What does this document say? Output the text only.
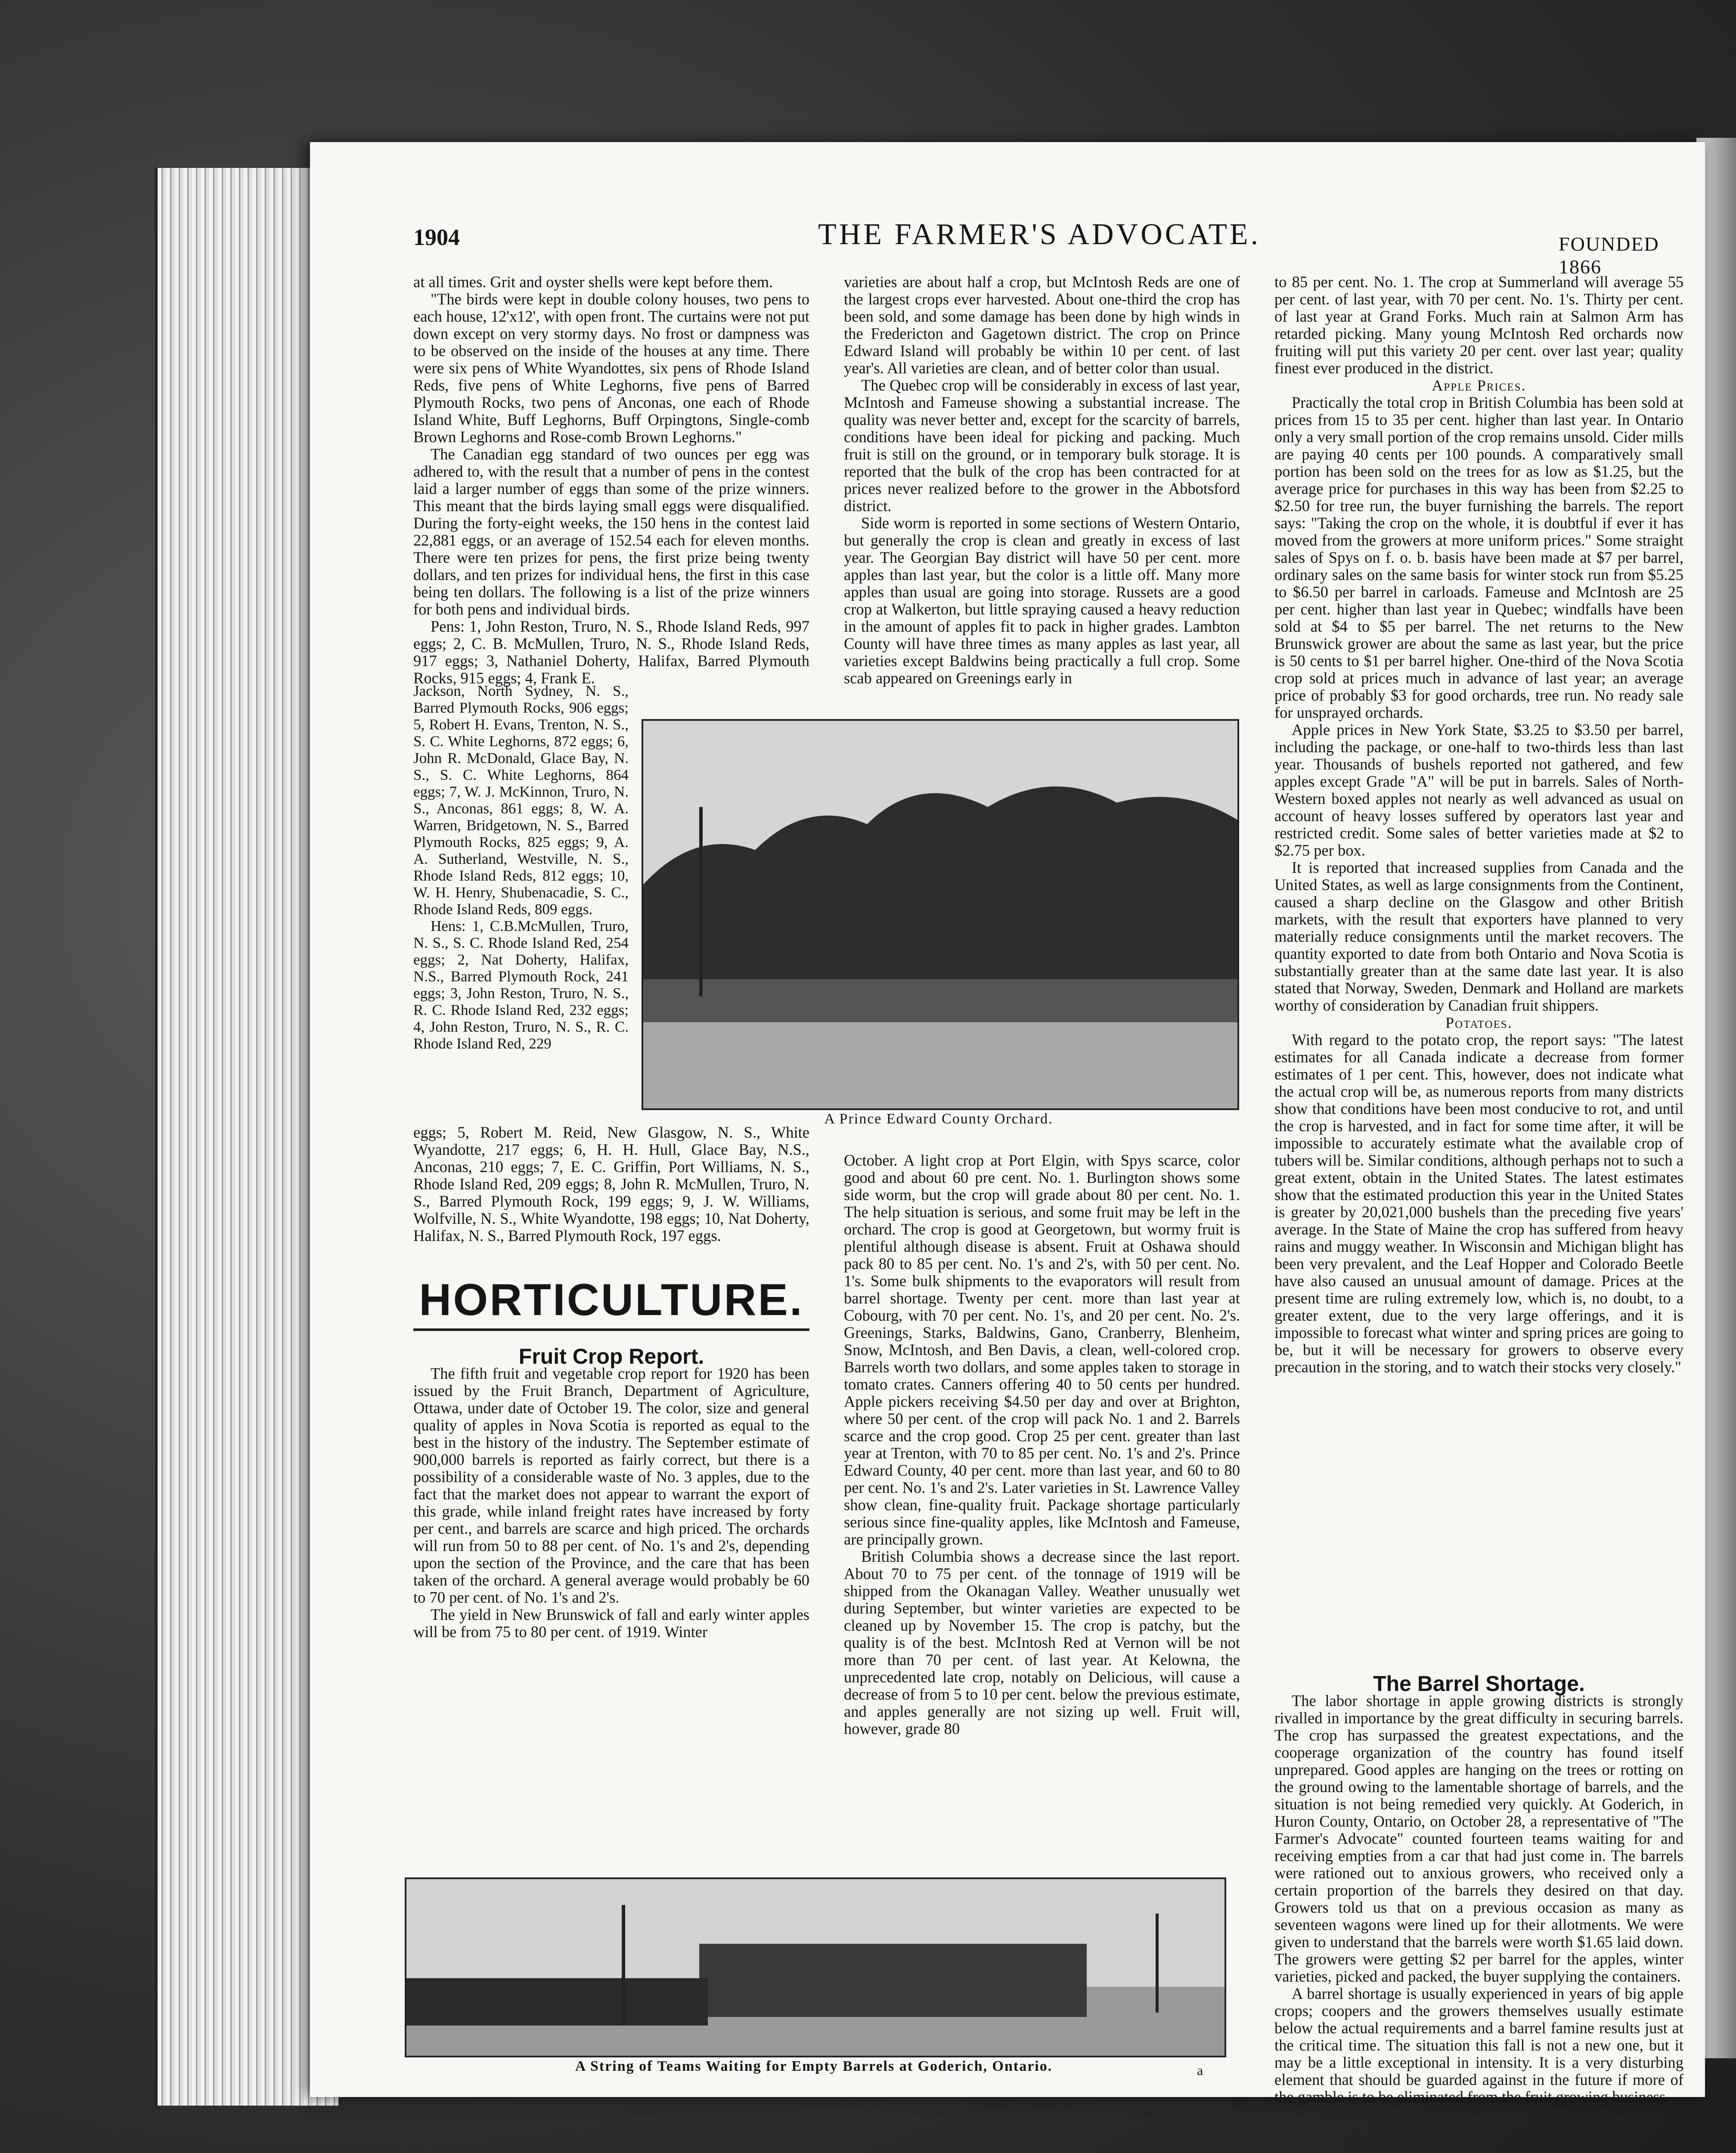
1904	THE FARMER'S ADVOCATE.	FOUNDED 1866

at all times. Grit and oyster shells were kept before them.

"The birds were kept in double colony houses, two pens to each house, 12'x12', with open front. The curtains were not put down except on very stormy days. No frost or dampness was to be observed on the inside of the houses at any time. There were six pens of White Wyandottes, six pens of Rhode Island Reds, five pens of White Leghorns, five pens of Barred Plymouth Rocks, two pens of Anconas, one each of Rhode Island White, Buff Leghorns, Buff Orpingtons, Single-comb Brown Leghorns and Rose-comb Brown Leghorns."

The Canadian egg standard of two ounces per egg was adhered to, with the result that a number of pens in the contest laid a larger number of eggs than some of the prize winners. This meant that the birds laying small eggs were disqualified. During the forty-eight weeks, the 150 hens in the contest laid 22,881 eggs, or an average of 152.54 each for eleven months. There were ten prizes for pens, the first prize being twenty dollars, and ten prizes for individual hens, the first in this case being ten dollars. The following is a list of the prize winners for both pens and individual birds.

Pens: 1, John Reston, Truro, N. S., Rhode Island Reds, 997 eggs; 2, C. B. McMullen, Truro, N. S., Rhode Island Reds, 917 eggs; 3, Nathaniel Doherty, Halifax, Barred Plymouth Rocks, 915 eggs; 4, Frank E.

Jackson, North Sydney, N. S., Barred Plymouth Rocks, 906 eggs; 5, Robert H. Evans, Trenton, N. S., S. C. White Leghorns, 872 eggs; 6, John R. McDonald, Glace Bay, N. S., S. C. White Leghorns, 864 eggs; 7, W. J. McKinnon, Truro, N. S., Anconas, 861 eggs; 8, W. A. Warren, Bridgetown, N. S., Barred Plymouth Rocks, 825 eggs; 9, A. A. Sutherland, Westville, N. S., Rhode Island Reds, 812 eggs; 10, W. H. Henry, Shubenacadie, S. C., Rhode Island Reds, 809 eggs.

Hens: 1, C.B.McMullen, Truro, N. S., S. C. Rhode Island Red, 254 eggs; 2, Nat Doherty, Halifax, N.S., Barred Plymouth Rock, 241 eggs; 3, John Reston, Truro, N. S., R. C. Rhode Island Red, 232 eggs; 4, John Reston, Truro, N. S., R. C. Rhode Island Red, 229

eggs; 5, Robert M. Reid, New Glasgow, N. S., White Wyandotte, 217 eggs; 6, H. H. Hull, Glace Bay, N.S., Anconas, 210 eggs; 7, E. C. Griffin, Port Williams, N. S., Rhode Island Red, 209 eggs; 8, John R. McMullen, Truro, N. S., Barred Plymouth Rock, 199 eggs; 9, J. W. Williams, Wolfville, N. S., White Wyandotte, 198 eggs; 10, Nat Doherty, Halifax, N. S., Barred Plymouth Rock, 197 eggs.

HORTICULTURE.
Fruit Crop Report.

The fifth fruit and vegetable crop report for 1920 has been issued by the Fruit Branch, Department of Agriculture, Ottawa, under date of October 19. The color, size and general quality of apples in Nova Scotia is reported as equal to the best in the history of the industry. The September estimate of 900,000 barrels is reported as fairly correct, but there is a possibility of a considerable waste of No. 3 apples, due to the fact that the market does not appear to warrant the export of this grade, while inland freight rates have increased by forty per cent., and barrels are scarce and high priced. The orchards will run from 50 to 88 per cent. of No. 1's and 2's, depending upon the section of the Province, and the care that has been taken of the orchard. A general average would probably be 60 to 70 per cent. of No. 1's and 2's.

The yield in New Brunswick of fall and early winter apples will be from 75 to 80 per cent. of 1919. Winter

varieties are about half a crop, but McIntosh Reds are one of the largest crops ever harvested. About one-third the crop has been sold, and some damage has been done by high winds in the Fredericton and Gagetown district. The crop on Prince Edward Island will probably be within 10 per cent. of last year's. All varieties are clean, and of better color than usual.

The Quebec crop will be considerably in excess of last year, McIntosh and Fameuse showing a substantial increase. The quality was never better and, except for the scarcity of barrels, conditions have been ideal for picking and packing. Much fruit is still on the ground, or in temporary bulk storage. It is reported that the bulk of the crop has been contracted for at prices never realized before to the grower in the Abbotsford district.

Side worm is reported in some sections of Western Ontario, but generally the crop is clean and greatly in excess of last year. The Georgian Bay district will have 50 per cent. more apples than last year, but the color is a little off. Many more apples than usual are going into storage. Russets are a good crop at Walkerton, but little spraying caused a heavy reduction in the amount of apples fit to pack in higher grades. Lambton County will have three times as many apples as last year, all varieties except Baldwins being practically a full crop. Some scab appeared on Greenings early in

A Prince Edward County Orchard.

October. A light crop at Port Elgin, with Spys scarce, color good and about 60 pre cent. No. 1. Burlington shows some side worm, but the crop will grade about 80 per cent. No. 1. The help situation is serious, and some fruit may be left in the orchard. The crop is good at Georgetown, but wormy fruit is plentiful although disease is absent. Fruit at Oshawa should pack 80 to 85 per cent. No. 1's and 2's, with 50 per cent. No. 1's. Some bulk shipments to the evaporators will result from barrel shortage. Twenty per cent. more than last year at Cobourg, with 70 per cent. No. 1's, and 20 per cent. No. 2's. Greenings, Starks, Baldwins, Gano, Cranberry, Blenheim, Snow, McIntosh, and Ben Davis, a clean, well-colored crop. Barrels worth two dollars, and some apples taken to storage in tomato crates. Canners offering 40 to 50 cents per hundred. Apple pickers receiving $4.50 per day and over at Brighton, where 50 per cent. of the crop will pack No. 1 and 2. Barrels scarce and the crop good. Crop 25 per cent. greater than last year at Trenton, with 70 to 85 per cent. No. 1's and 2's. Prince Edward County, 40 per cent. more than last year, and 60 to 80 per cent. No. 1's and 2's. Later varieties in St. Lawrence Valley show clean, fine-quality fruit. Package shortage particularly serious since fine-quality apples, like McIntosh and Fameuse, are principally grown.

British Columbia shows a decrease since the last report. About 70 to 75 per cent. of the tonnage of 1919 will be shipped from the Okanagan Valley. Weather unusually wet during September, but winter varieties are expected to be cleaned up by November 15. The crop is patchy, but the quality is of the best. McIntosh Red at Vernon will be not more than 70 per cent. of last year. At Kelowna, the unprecedented late crop, notably on Delicious, will cause a decrease of from 5 to 10 per cent. below the previous estimate, and apples generally are not sizing up well. Fruit will, however, grade 80

to 85 per cent. No. 1. The crop at Summerland will average 55 per cent. of last year, with 70 per cent. No. 1's. Thirty per cent. of last year at Grand Forks. Much rain at Salmon Arm has retarded picking. Many young McIntosh Red orchards now fruiting will put this variety 20 per cent. over last year; quality finest ever produced in the district.

Apple Prices.

Practically the total crop in British Columbia has been sold at prices from 15 to 35 per cent. higher than last year. In Ontario only a very small portion of the crop remains unsold. Cider mills are paying 40 cents per 100 pounds. A comparatively small portion has been sold on the trees for as low as $1.25, but the average price for purchases in this way has been from $2.25 to $2.50 for tree run, the buyer furnishing the barrels. The report says: "Taking the crop on the whole, it is doubtful if ever it has moved from the growers at more uniform prices." Some straight sales of Spys on f. o. b. basis have been made at $7 per barrel, ordinary sales on the same basis for winter stock run from $5.25 to $6.50 per barrel in carloads. Fameuse and McIntosh are 25 per cent. higher than last year in Quebec; windfalls have been sold at $4 to $5 per barrel. The net returns to the New Brunswick grower are about the same as last year, but the price is 50 cents to $1 per barrel higher. One-third of the Nova Scotia crop sold at prices much in advance of last year; an average price of probably $3 for good orchards, tree run. No ready sale for unsprayed orchards.

Apple prices in New York State, $3.25 to $3.50 per barrel, including the package, or one-half to two-thirds less than last year. Thousands of bushels reported not gathered, and few apples except Grade "A" will be put in barrels. Sales of North-Western boxed apples not nearly as well advanced as usual on account of heavy losses suffered by operators last year and restricted credit. Some sales of better varieties made at $2 to $2.75 per box.

It is reported that increased supplies from Canada and the United States, as well as large consignments from the Continent, caused a sharp decline on the Glasgow and other British markets, with the result that exporters have planned to very materially reduce consignments until the market recovers. The quantity exported to date from both Ontario and Nova Scotia is substantially greater than at the same date last year. It is also stated that Norway, Sweden, Denmark and Holland are markets worthy of consideration by Canadian fruit shippers.

Potatoes.

With regard to the potato crop, the report says: "The latest estimates for all Canada indicate a decrease from former estimates of 1 per cent. This, however, does not indicate what the actual crop will be, as numerous reports from many districts show that conditions have been most conducive to rot, and until the crop is harvested, and in fact for some time after, it will be impossible to accurately estimate what the available crop of tubers will be. Similar conditions, although perhaps not to such a great extent, obtain in the United States. The latest estimates show that the estimated production this year in the United States is greater by 20,021,000 bushels than the preceding five years' average. In the State of Maine the crop has suffered from heavy rains and muggy weather. In Wisconsin and Michigan blight has been very prevalent, and the Leaf Hopper and Colorado Beetle have also caused an unusual amount of damage. Prices at the present time are ruling extremely low, which is, no doubt, to a greater extent, due to the very large offerings, and it is impossible to forecast what winter and spring prices are going to be, but it will be necessary for growers to observe every precaution in the storing, and to watch their stocks very closely."

The Barrel Shortage.

The labor shortage in apple growing districts is strongly rivalled in importance by the great difficulty in securing barrels. The crop has surpassed the greatest expectations, and the cooperage organization of the country has found itself unprepared. Good apples are hanging on the trees or rotting on the ground owing to the lamentable shortage of barrels, and the situation is not being remedied very quickly. At Goderich, in Huron County, Ontario, on October 28, a representative of "The Farmer's Advocate" counted fourteen teams waiting for and receiving empties from a car that had just come in. The barrels were rationed out to anxious growers, who received only a certain proportion of the barrels they desired on that day. Growers told us that on a previous occasion as many as seventeen wagons were lined up for their allotments. We were given to understand that the barrels were worth $1.65 laid down. The growers were getting $2 per barrel for the apples, winter varieties, picked and packed, the buyer supplying the containers.

A barrel shortage is usually experienced in years of big apple crops; coopers and the growers themselves usually estimate below the actual requirements and a barrel famine results just at the critical time. The situation this fall is not a new one, but it may be a little exceptional in intensity. It is a very disturbing element that should be guarded against in the future if more of the gamble is to be eliminated from the fruit growing business.

A String of Teams Waiting for Empty Barrels at Goderich, Ontario.	a
